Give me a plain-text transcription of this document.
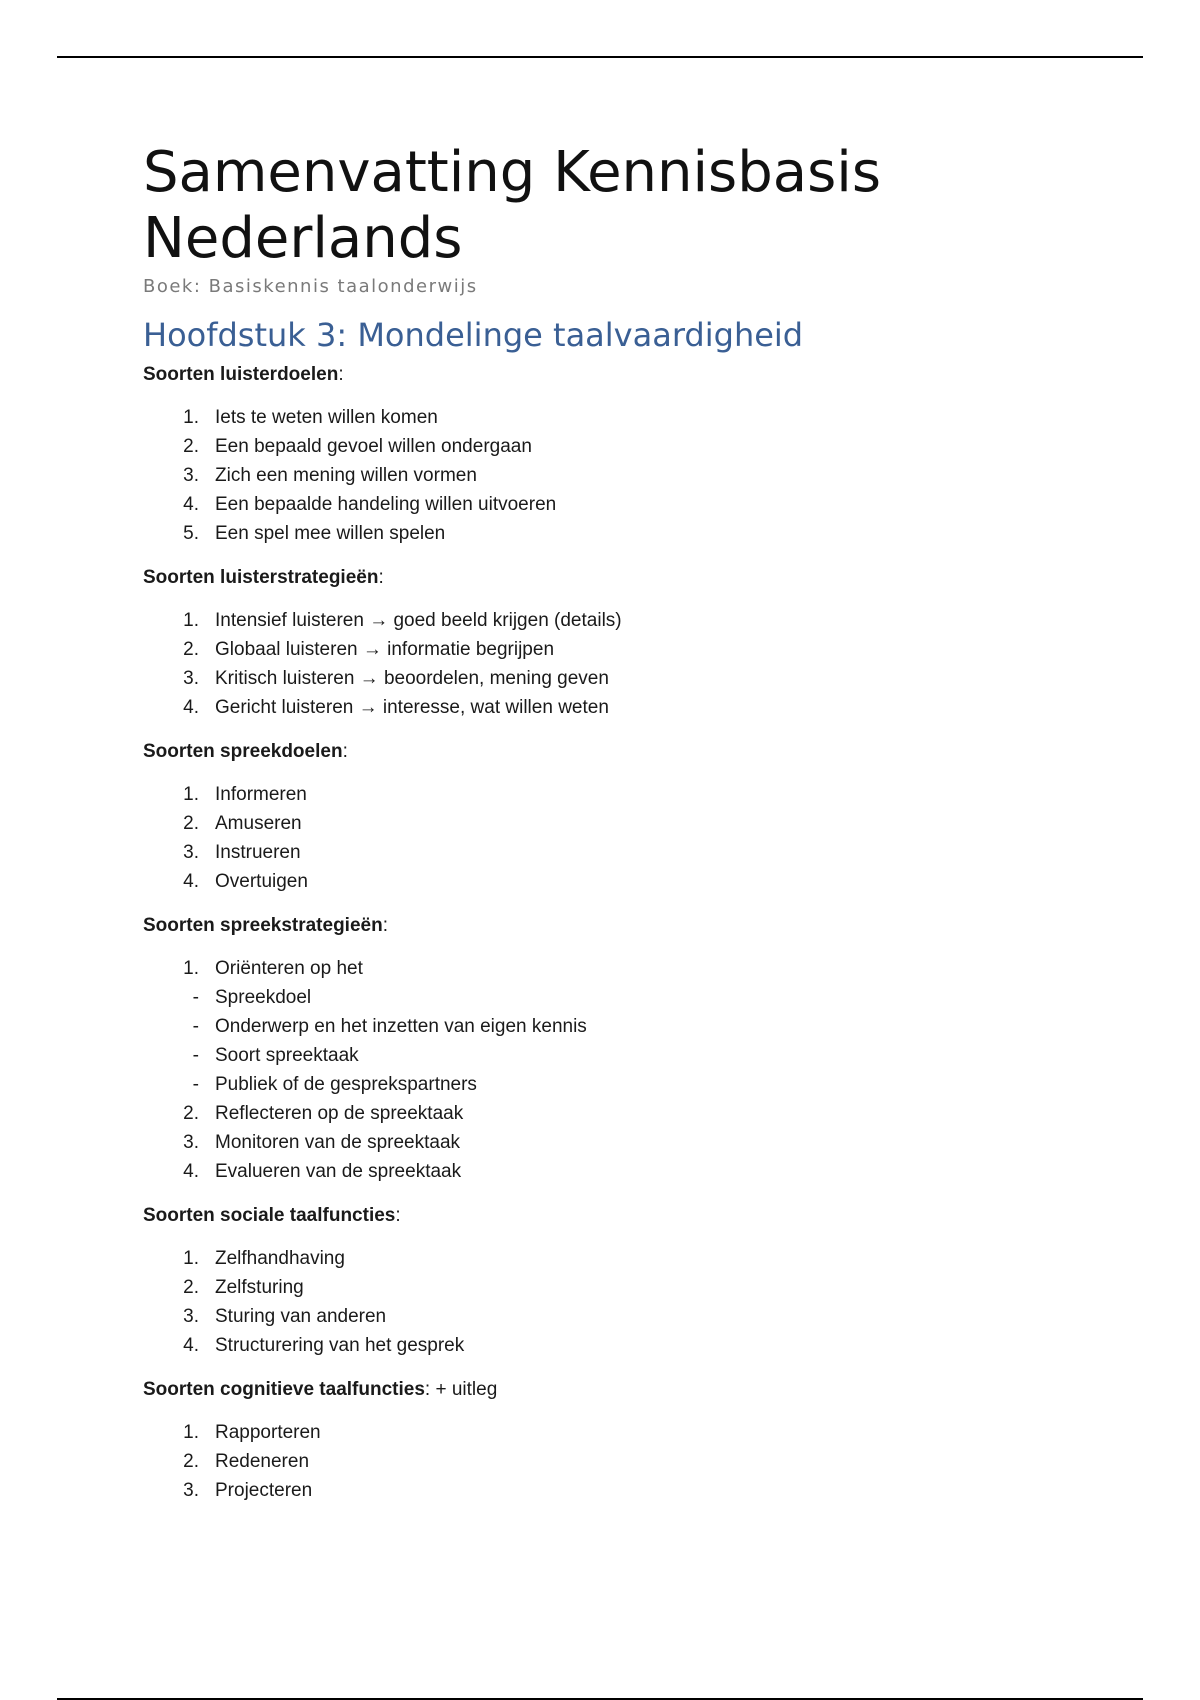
Samenvatting Kennisbasis Nederlands
Boek: Basiskennis taalonderwijs
Hoofdstuk 3: Mondelinge taalvaardigheid
Soorten luisterdoelen:
1. Iets te weten willen komen
2. Een bepaald gevoel willen ondergaan
3. Zich een mening willen vormen
4. Een bepaalde handeling willen uitvoeren
5. Een spel mee willen spelen
Soorten luisterstrategieën:
1. Intensief luisteren → goed beeld krijgen (details)
2. Globaal luisteren → informatie begrijpen
3. Kritisch luisteren → beoordelen, mening geven
4. Gericht luisteren → interesse, wat willen weten
Soorten spreekdoelen:
1. Informeren
2. Amuseren
3. Instrueren
4. Overtuigen
Soorten spreekstrategieën:
1. Oriënteren op het
- Spreekdoel
- Onderwerp en het inzetten van eigen kennis
- Soort spreektaak
- Publiek of de gesprekspartners
2. Reflecteren op de spreektaak
3. Monitoren van de spreektaak
4. Evalueren van de spreektaak
Soorten sociale taalfuncties:
1. Zelfhandhaving
2. Zelfsturing
3. Sturing van anderen
4. Structurering van het gesprek
Soorten cognitieve taalfuncties: + uitleg
1. Rapporteren
2. Redeneren
3. Projecteren
